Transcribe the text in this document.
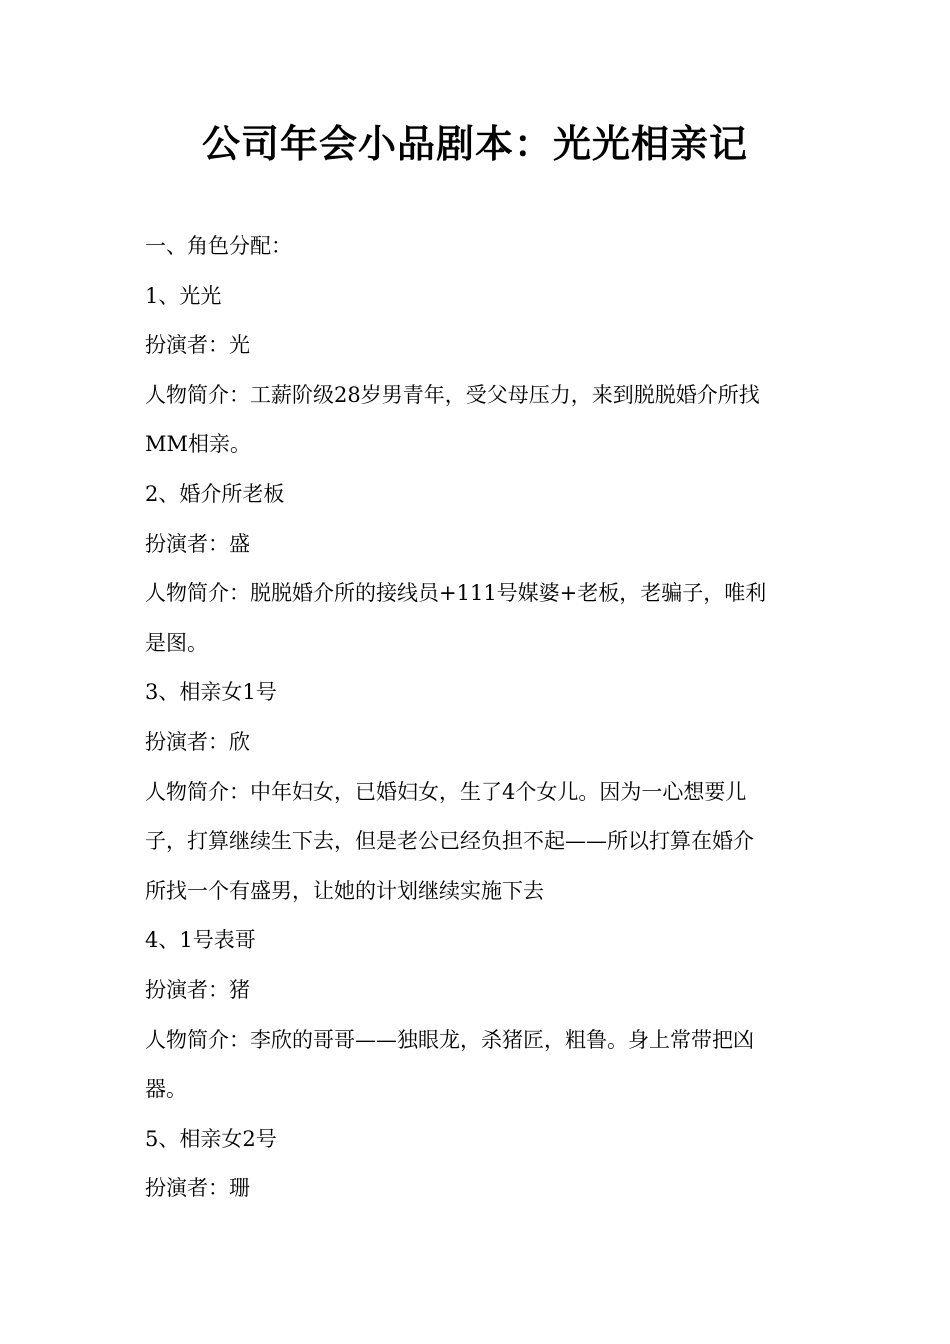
公司年会小品剧本：光光相亲记

一、角色分配：

1、光光

扮演者：光

人物简介：工薪阶级28岁男青年，受父母压力，来到脱脱婚介所找

MM相亲。

2、婚介所老板

扮演者：盛

人物简介：脱脱婚介所的接线员+111号媒婆+老板，老骗子，唯利

是图。

3、相亲女1号

扮演者：欣

人物简介：中年妇女，已婚妇女，生了4个女儿。因为一心想要儿

子，打算继续生下去，但是老公已经负担不起——所以打算在婚介

所找一个有盛男，让她的计划继续实施下去

4、1号表哥

扮演者：猪

人物简介：李欣的哥哥——独眼龙，杀猪匠，粗鲁。身上常带把凶

器。

5、相亲女2号

扮演者：珊
